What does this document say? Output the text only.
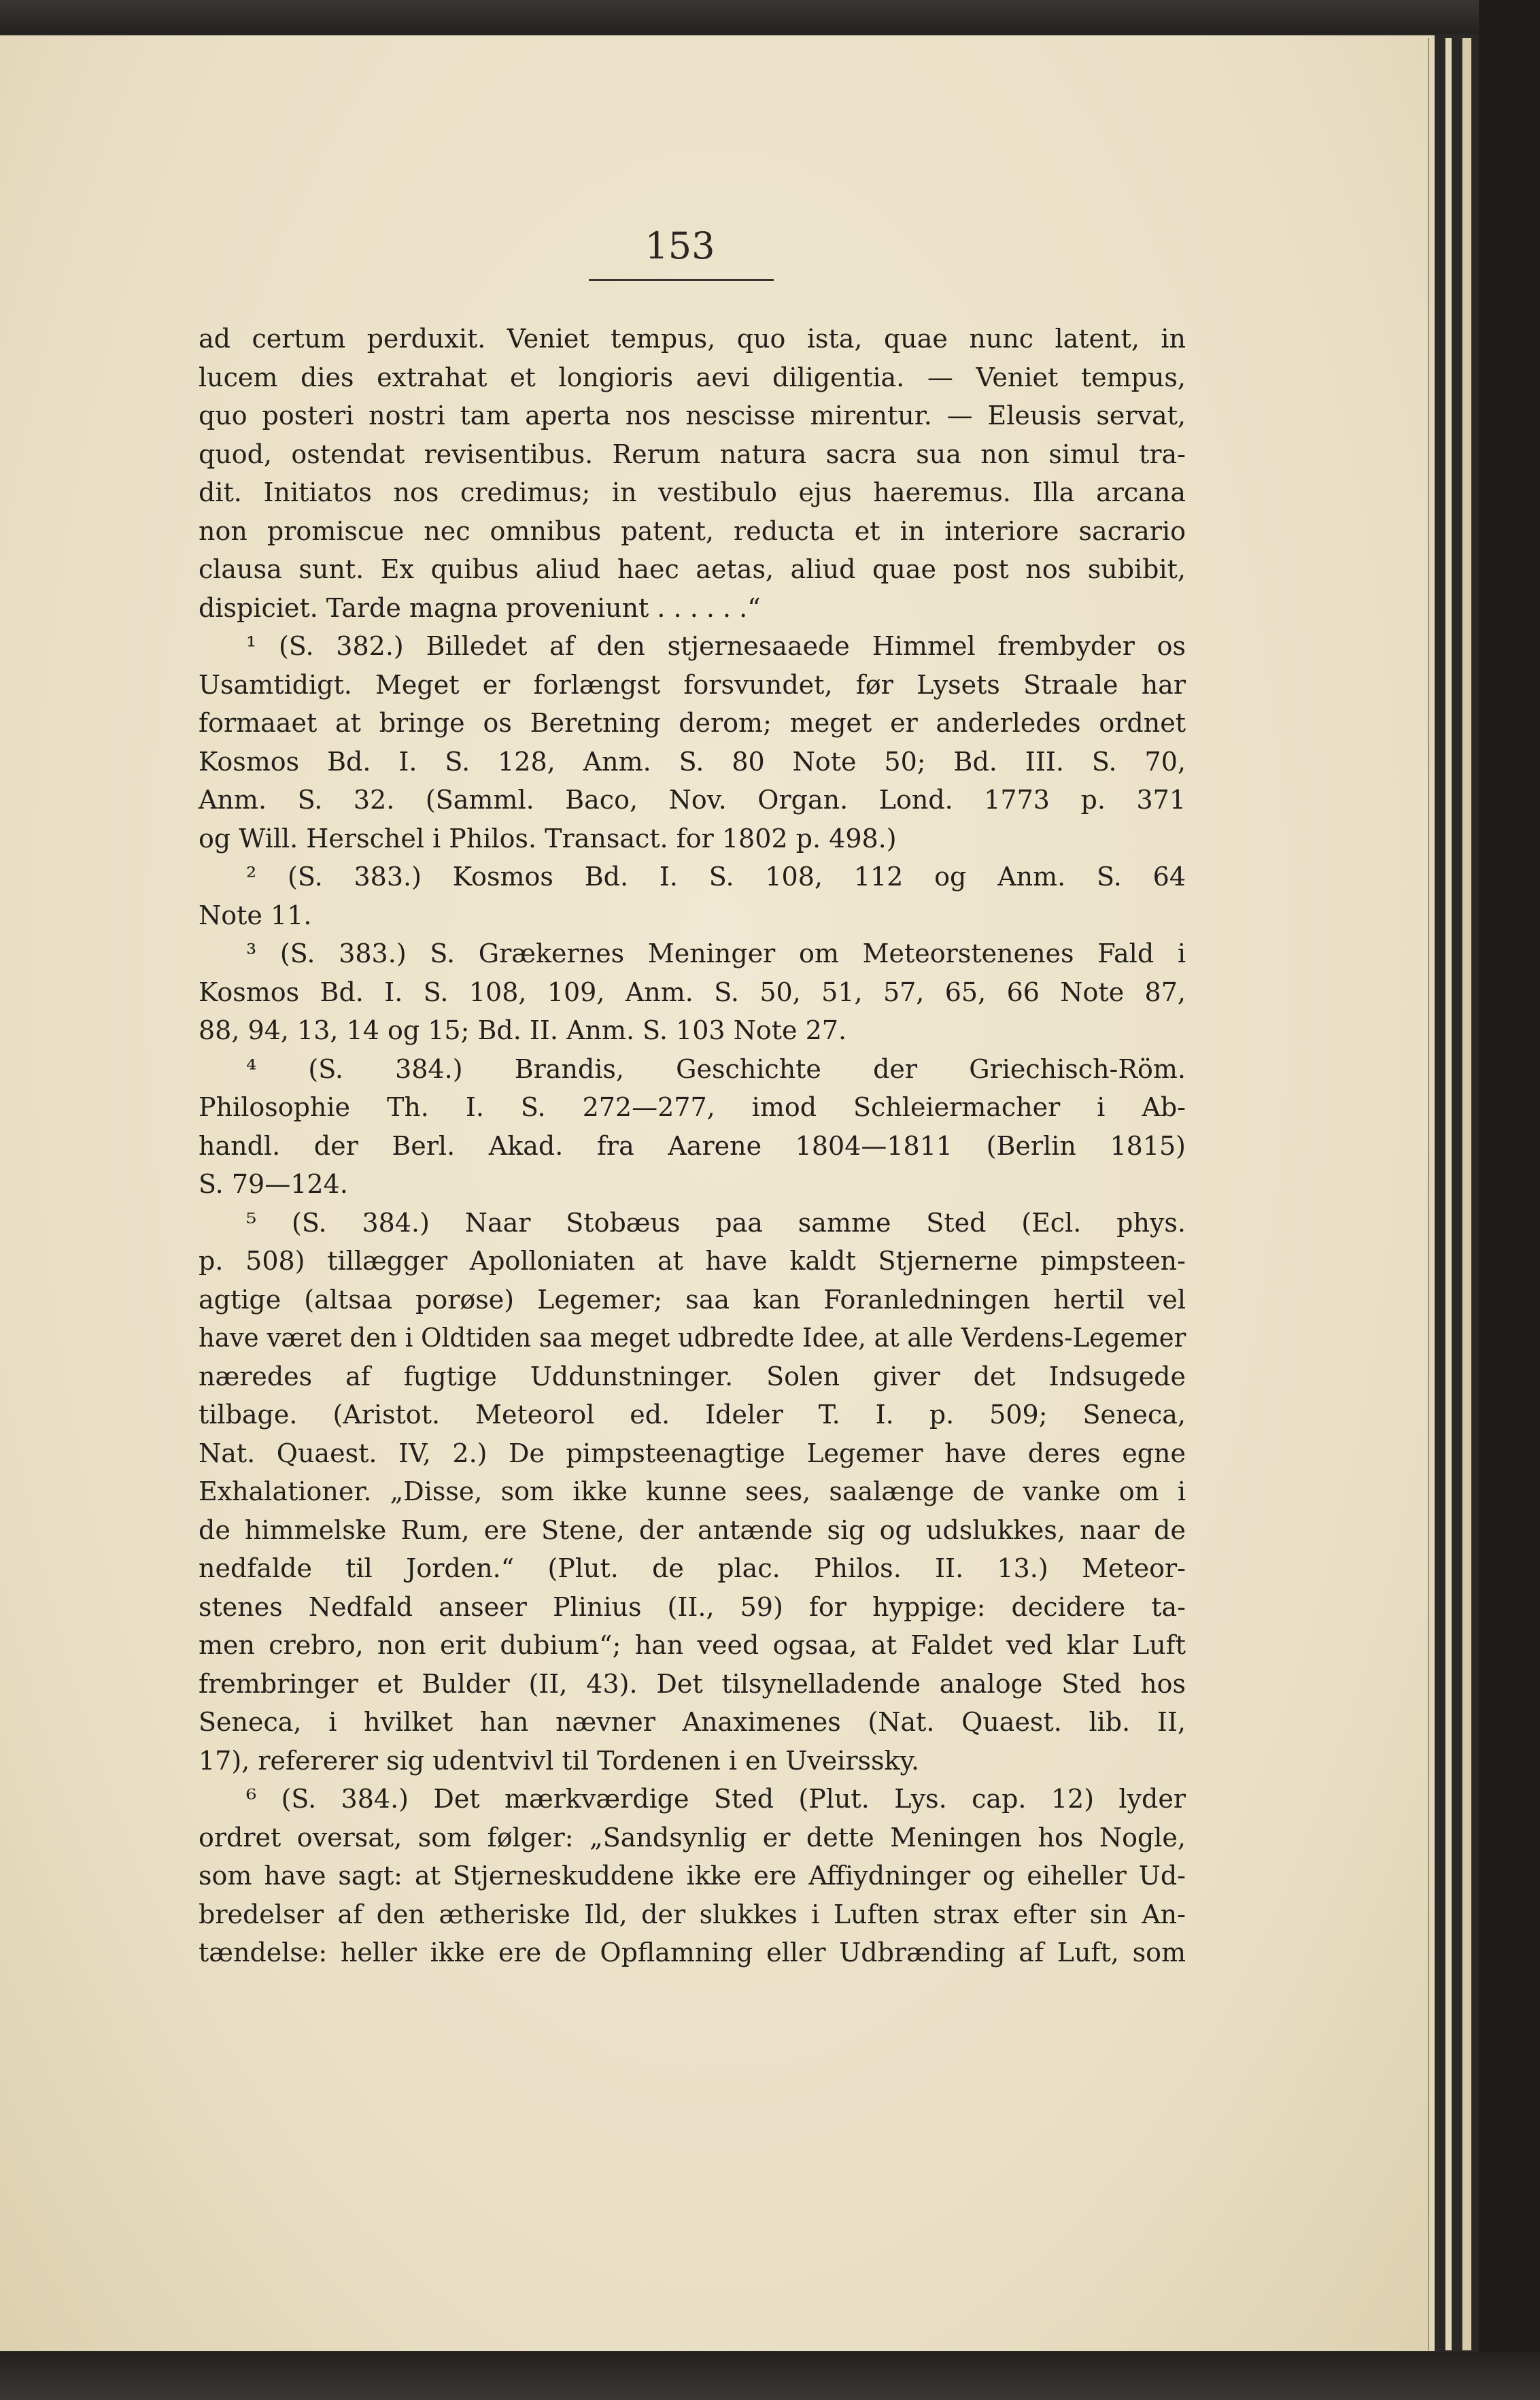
153
ad certum perduxit. Veniet tempus, quo ista, quae nunc latent, in
lucem dies extrahat et longioris aevi diligentia. — Veniet tempus,
quo posteri nostri tam aperta nos nescisse mirentur. — Eleusis servat,
quod, ostendat revisentibus. Rerum natura sacra sua non simul tra-
dit. Initiatos nos credimus; in vestibulo ejus haeremus. Illa arcana
non promiscue nec omnibus patent, reducta et in interiore sacrario
clausa sunt. Ex quibus aliud haec aetas, aliud quae post nos subibit,
dispiciet. Tarde magna proveniunt . . . . . .“
¹ (S. 382.) Billedet af den stjernesaaede Himmel frembyder os
Usamtidigt. Meget er forlængst forsvundet, før Lysets Straale har
formaaet at bringe os Beretning derom; meget er anderledes ordnet
Kosmos Bd. I. S. 128, Anm. S. 80 Note 50; Bd. III. S. 70,
Anm. S. 32. (Samml. Baco, Nov. Organ. Lond. 1773 p. 371
og Will. Herschel i Philos. Transact. for 1802 p. 498.)
² (S. 383.) Kosmos Bd. I. S. 108, 112 og Anm. S. 64
Note 11.
³ (S. 383.) S. Grækernes Meninger om Meteorstenenes Fald i
Kosmos Bd. I. S. 108, 109, Anm. S. 50, 51, 57, 65, 66 Note 87,
88, 94, 13, 14 og 15; Bd. II. Anm. S. 103 Note 27.
⁴ (S. 384.) Brandis, Geschichte der Griechisch-Röm.
Philosophie Th. I. S. 272—277, imod Schleiermacher i Ab-
handl. der Berl. Akad. fra Aarene 1804—1811 (Berlin 1815)
S. 79—124.
⁵ (S. 384.) Naar Stobæus paa samme Sted (Ecl. phys.
p. 508) tillægger Apolloniaten at have kaldt Stjernerne pimpsteen-
agtige (altsaa porøse) Legemer; saa kan Foranledningen hertil vel
have været den i Oldtiden saa meget udbredte Idee, at alle Verdens-Legemer
næredes af fugtige Uddunstninger. Solen giver det Indsugede
tilbage. (Aristot. Meteorol ed. Ideler T. I. p. 509; Seneca,
Nat. Quaest. IV, 2.) De pimpsteenagtige Legemer have deres egne
Exhalationer. „Disse, som ikke kunne sees, saalænge de vanke om i
de himmelske Rum, ere Stene, der antænde sig og udslukkes, naar de
nedfalde til Jorden.“ (Plut. de plac. Philos. II. 13.) Meteor-
stenes Nedfald anseer Plinius (II., 59) for hyppige: decidere ta-
men crebro, non erit dubium“; han veed ogsaa, at Faldet ved klar Luft
frembringer et Bulder (II, 43). Det tilsynelladende analoge Sted hos
Seneca, i hvilket han nævner Anaximenes (Nat. Quaest. lib. II,
17), refererer sig udentvivl til Tordenen i en Uveirssky.
⁶ (S. 384.) Det mærkværdige Sted (Plut. Lys. cap. 12) lyder
ordret oversat, som følger: „Sandsynlig er dette Meningen hos Nogle,
som have sagt: at Stjerneskuddene ikke ere Affiydninger og eiheller Ud-
bredelser af den ætheriske Ild, der slukkes i Luften strax efter sin An-
tændelse: heller ikke ere de Opflamning eller Udbrænding af Luft, som
